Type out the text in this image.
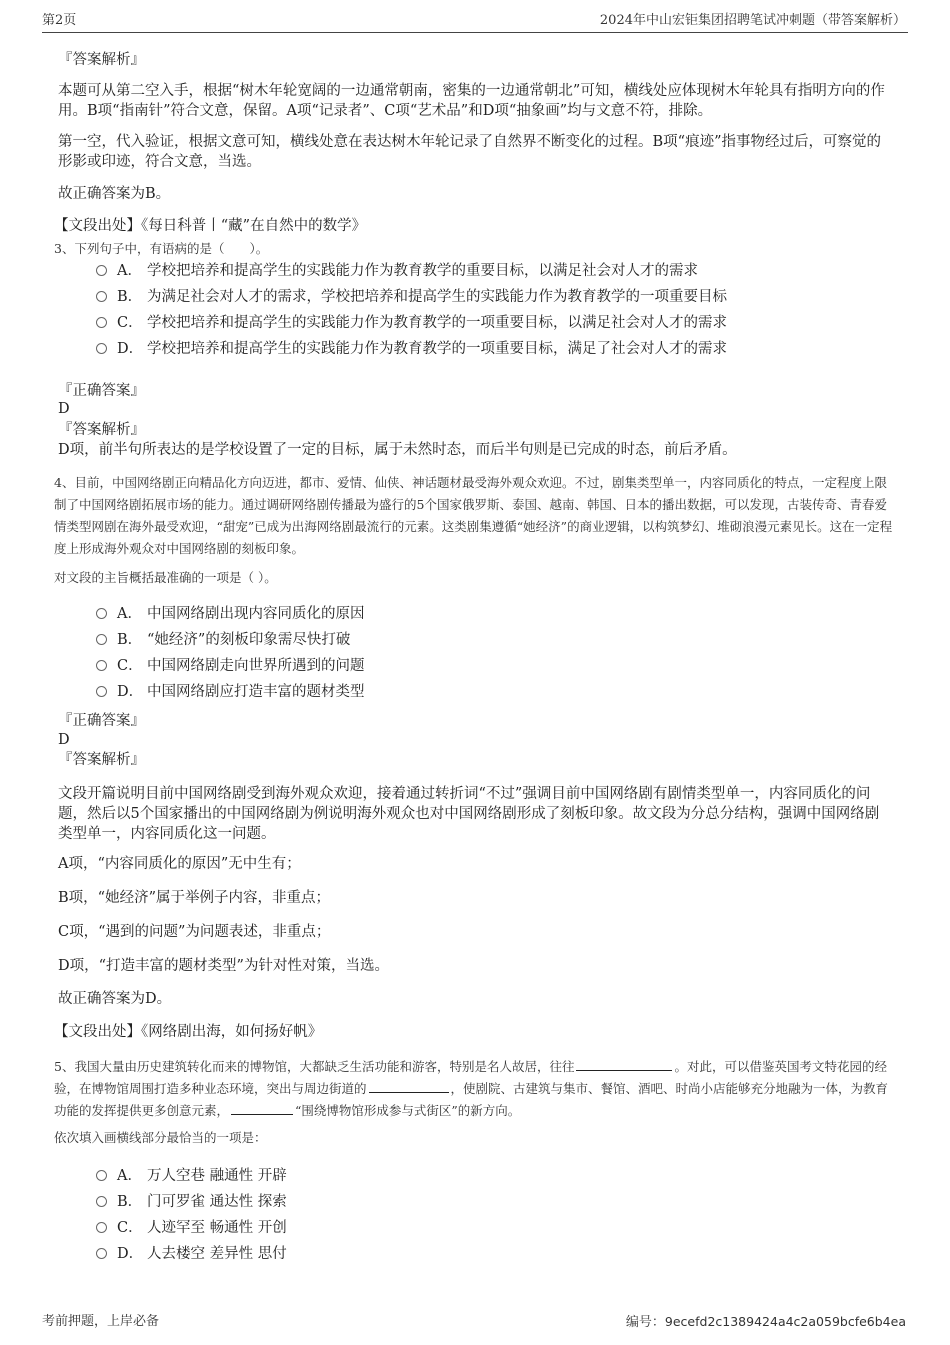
第2页	2024年中山宏钜集团招聘笔试冲刺题（带答案解析）
『答案解析』
本题可从第二空入手，根据“树木年轮宽阔的一边通常朝南，密集的一边通常朝北”可知，横线处应体现树木年轮具有指明方向的作用。B项“指南针”符合文意，保留。A项“记录者”、C项“艺术品”和D项“抽象画”均与文意不符，排除。
第一空，代入验证，根据文意可知，横线处意在表达树木年轮记录了自然界不断变化的过程。B项“痕迹”指事物经过后，可察觉的形影或印迹，符合文意，当选。
故正确答案为B。
【文段出处】《每日科普丨“藏”在自然中的数学》
3、下列句子中，有语病的是（　　）。
A． 学校把培养和提高学生的实践能力作为教育教学的重要目标，以满足社会对人才的需求
B． 为满足社会对人才的需求，学校把培养和提高学生的实践能力作为教育教学的一项重要目标
C． 学校把培养和提高学生的实践能力作为教育教学的一项重要目标，以满足社会对人才的需求
D． 学校把培养和提高学生的实践能力作为教育教学的一项重要目标，满足了社会对人才的需求
『正确答案』
D
『答案解析』
D项，前半句所表达的是学校设置了一定的目标，属于未然时态，而后半句则是已完成的时态，前后矛盾。
4、目前，中国网络剧正向精品化方向迈进，都市、爱情、仙侠、神话题材最受海外观众欢迎。不过，剧集类型单一，内容同质化的特点，一定程度上限制了中国网络剧拓展市场的能力。通过调研网络剧传播最为盛行的5个国家俄罗斯、泰国、越南、韩国、日本的播出数据，可以发现，古装传奇、青春爱情类型网剧在海外最受欢迎，“甜宠”已成为出海网络剧最流行的元素。这类剧集遵循“她经济”的商业逻辑，以构筑梦幻、堆砌浪漫元素见长。这在一定程度上形成海外观众对中国网络剧的刻板印象。
对文段的主旨概括最准确的一项是（ ）。
A． 中国网络剧出现内容同质化的原因
B． “她经济”的刻板印象需尽快打破
C． 中国网络剧走向世界所遇到的问题
D． 中国网络剧应打造丰富的题材类型
『正确答案』
D
『答案解析』
文段开篇说明目前中国网络剧受到海外观众欢迎，接着通过转折词“不过”强调目前中国网络剧有剧情类型单一，内容同质化的问题，然后以5个国家播出的中国网络剧为例说明海外观众也对中国网络剧形成了刻板印象。故文段为分总分结构，强调中国网络剧类型单一，内容同质化这一问题。
A项，“内容同质化的原因”无中生有；
B项，“她经济”属于举例子内容，非重点；
C项，“遇到的问题”为问题表述，非重点；
D项，“打造丰富的题材类型”为针对性对策，当选。
故正确答案为D。
【文段出处】《网络剧出海，如何扬好帆》
5、我国大量由历史建筑转化而来的博物馆，大都缺乏生活功能和游客，特别是名人故居，往往	。对此，可以借鉴英国考文特花园的经验，在博物馆周围打造多种业态环境，突出与周边街道的	，使剧院、古建筑与集市、餐馆、酒吧、时尚小店能够充分地融为一体，为教育功能的发挥提供更多创意元素，	“围绕博物馆形成参与式街区”的新方向。
依次填入画横线部分最恰当的一项是：
A． 万人空巷 融通性 开辟
B． 门可罗雀 通达性 探索
C． 人迹罕至 畅通性 开创
D． 人去楼空 差异性 思付
考前押题，上岸必备	编号：9ecefd2c1389424a4c2a059bcfe6b4ea
